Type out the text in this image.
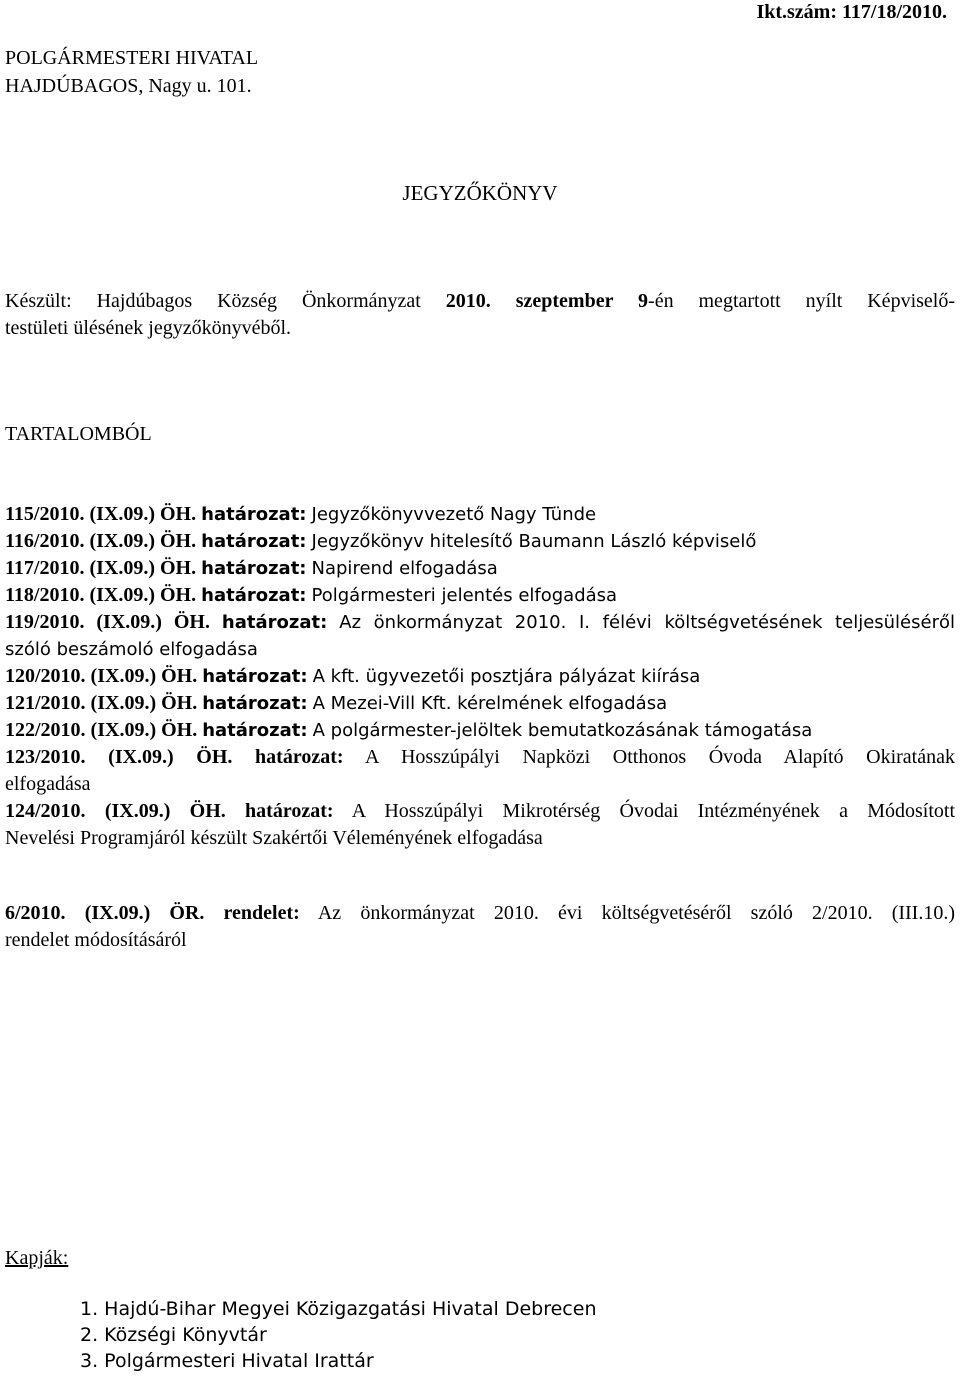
Ikt.szám: 117/18/2010.
POLGÁRMESTERI HIVATAL
HAJDÚBAGOS, Nagy u. 101.
JEGYZŐKÖNYV
Készült: Hajdúbagos Község Önkormányzat 2010. szeptember 9-én megtartott nyílt Képviselő-
testületi ülésének jegyzőkönyvéből.
TARTALOMBÓL
115/2010. (IX.09.) ÖH. határozat: Jegyzőkönyvvezető Nagy Tünde
116/2010. (IX.09.) ÖH. határozat: Jegyzőkönyv hitelesítő Baumann László képviselő
117/2010. (IX.09.) ÖH. határozat: Napirend elfogadása
118/2010. (IX.09.) ÖH. határozat: Polgármesteri jelentés elfogadása
119/2010. (IX.09.) ÖH. határozat: Az önkormányzat 2010. I. félévi költségvetésének teljesüléséről
szóló beszámoló elfogadása
120/2010. (IX.09.) ÖH. határozat: A kft. ügyvezetői posztjára pályázat kiírása
121/2010. (IX.09.) ÖH. határozat: A Mezei-Vill Kft. kérelmének elfogadása
122/2010. (IX.09.) ÖH. határozat: A polgármester-jelöltek bemutatkozásának támogatása
123/2010. (IX.09.) ÖH. határozat: A Hosszúpályi Napközi Otthonos Óvoda Alapító Okiratának
elfogadása
124/2010. (IX.09.) ÖH. határozat: A Hosszúpályi Mikrotérség Óvodai Intézményének a Módosított
Nevelési Programjáról készült Szakértői Véleményének elfogadása
6/2010. (IX.09.) ÖR. rendelet: Az önkormányzat 2010. évi költségvetéséről szóló 2/2010. (III.10.)
rendelet módosításáról
Kapják:
1. Hajdú-Bihar Megyei Közigazgatási Hivatal Debrecen
2. Községi Könyvtár
3. Polgármesteri Hivatal Irattár
